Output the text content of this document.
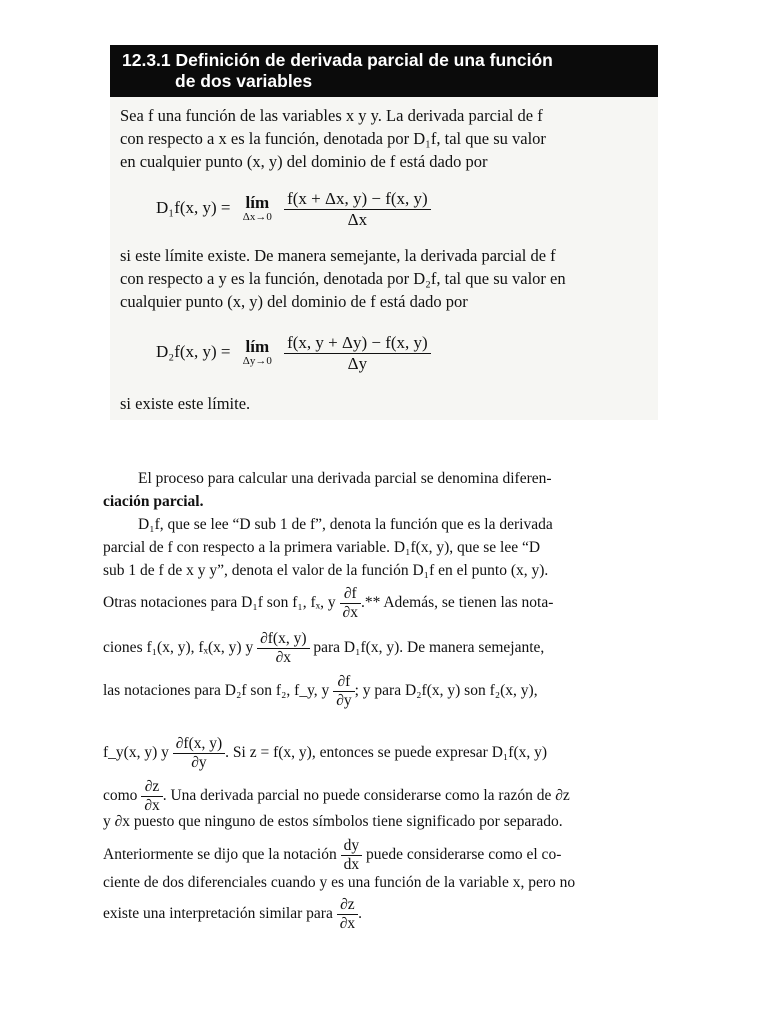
12.3.1 Definición de derivada parcial de una función
de dos variables
Sea f una función de las variables x y y. La derivada parcial de f
con respecto a x es la función, denotada por D₁f, tal que su valor
en cualquier punto (x, y) del dominio de f está dado por
D₁f(x, y) = lím
Δx→0
$\frac{f(x + \Delta x, y) - f(x, y)}{\Delta x}$
si este límite existe. De manera semejante, la derivada parcial de f
con respecto a y es la función, denotada por D₂f, tal que su valor en
cualquier punto (x, y) del dominio de f está dado por
D₂f(x, y) = lím
Δy→0
$\frac{f(x, y + \Delta y) - f(x, y)}{\Delta y}$
si existe este límite.
El proceso para calcular una derivada parcial se denomina diferen-
ciación parcial.
D₁f, que se lee “D sub 1 de f”, denota la función que es la derivada
parcial de f con respecto a la primera variable. D₁f(x, y), que se lee “D
sub 1 de f de x y y”, denota el valor de la función D₁f en el punto (x, y).
Otras notaciones para D₁f son f₁, fₓ, y $\frac{\partial f}{\partial x}$ .** Además, se tienen las nota-
ciones f₁(x, y), fₓ(x, y) y $\frac{\partial f(x, y)}{\partial x}$ para D₁f(x, y). De manera semejante,
las notaciones para D₂f son f₂, f_y, y $\frac{\partial f}{\partial y}$ ; y para D₂f(x, y) son f₂(x, y),
f_y(x, y) y $\frac{\partial f(x, y)}{\partial y}$ . Si z = f(x, y), entonces se puede expresar D₁f(x, y)
como $\frac{\partial z}{\partial x}$ . Una derivada parcial no puede considerarse como la razón de ∂z
y ∂x puesto que ninguno de estos símbolos tiene significado por separado.
Anteriormente se dijo que la notación $\frac{dy}{dx}$ puede considerarse como el co-
ciente de dos diferenciales cuando y es una función de la variable x, pero no
existe una interpretación similar para $\frac{\partial z}{\partial x}$ .
